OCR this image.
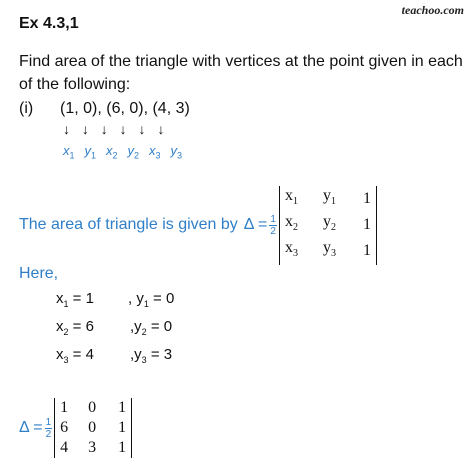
teachoo.com
Ex 4.3,1
Find area of the triangle with vertices at the point given in each
of the following:
(i) (1, 0), (6, 0), (4, 3)
↓ ↓ ↓ ↓ ↓ ↓
$x_1$ $y_1$ $x_2$ $y_2$ $x_3$ $y_3$
The area of triangle is given by $\Delta = \frac{1}{2}$
$x_1$	$y_1$	1
$x_2$	$y_2$	1
$x_3$	$y_3$	1
Here,
$x_1 = 1$ , $y_1 = 0$
$x_2 = 6$ $,y_2 = 0$
$x_3 = 4$ $,y_3 = 3$
$\Delta = \frac{1}{2}$
1	0	1
6	0	1
4	3	1
